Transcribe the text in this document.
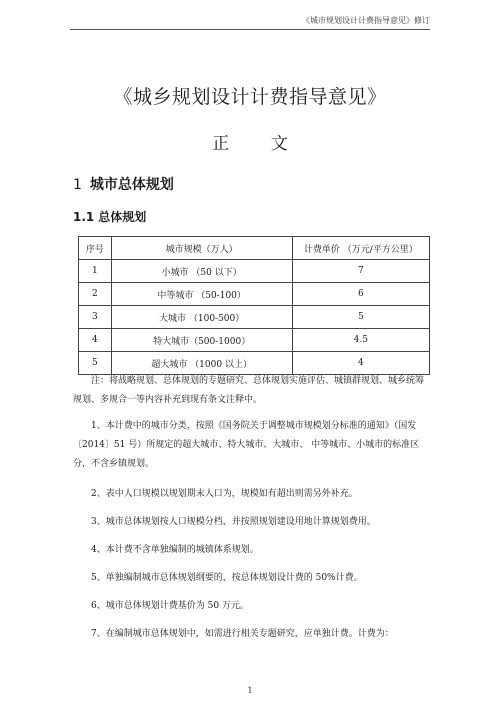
《城市规划设计计费指导意见》修订
《城乡规划设计计费指导意见》
正 文
1 城市总体规划
1.1 总体规划
序号	城市规模（万人）	计费单价 （万元/平方公里）
1	小城市 （50 以下）	7
2	中等城市 （50-100）	6
3	大城市 （100-500）	5
4	特大城市（500-1000）	4.5
5	超大城市 （1000 以上）	4
注：将战略规划、总体规划的专题研究、总体规划实施评估、城镇群规划、城乡统筹规划、多规合一等内容补充到现有条文注释中。
1、本计费中的城市分类，按照《国务院关于调整城市规模划分标准的通知》（国发〔2014〕51 号）所规定的超大城市、特大城市、大城市、 中等城市、小城市的标准区分，不含乡镇规划。
2、表中人口规模以规划期末人口为，规模如有超出则需另外补充。
3、城市总体规划按人口规模分档，并按照规划建设用地计算规划费用。
4、本计费不含单独编制的城镇体系规划。
5、单独编制城市总体规划纲要的，按总体规划设计费的 50%计费。
6、城市总体规划计费基价为 50 万元。
7、在编制城市总体规划中，如需进行相关专题研究，应单独计费。计费为：
1
